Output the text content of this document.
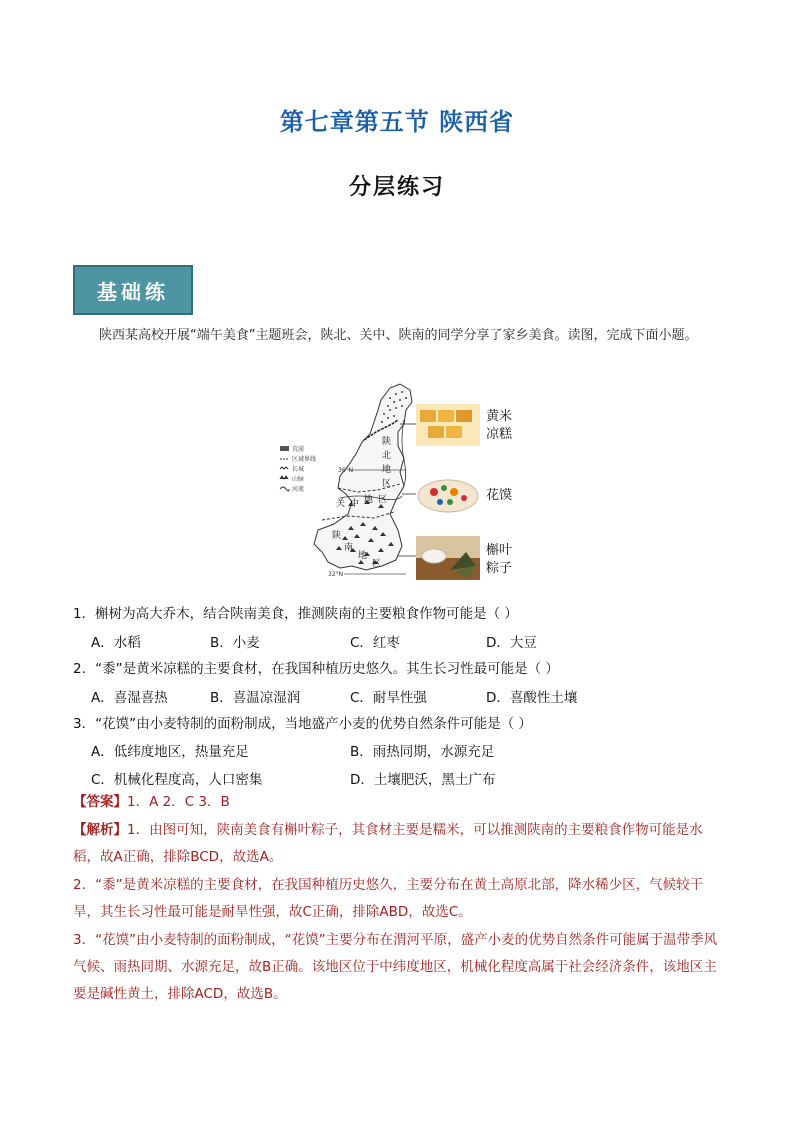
第七章第五节 陕西省
分层练习
基础练
陕西某高校开展“端午美食”主题班会，陕北、关中、陕南的同学分享了家乡美食。读图，完成下面小题。
荒漠
区域界线
长城
山脉
河流
36°N
32°N
陕
北
地
区
关 中 地 区
陕
南
地
区
黄米
凉糕
花馍
槲叶
粽子
1．槲树为高大乔木，结合陕南美食，推测陕南的主要粮食作物可能是（ ）
A．水稻	B．小麦	C．红枣	D．大豆
2．“黍”是黄米凉糕的主要食材，在我国种植历史悠久。其生长习性最可能是（ ）
A．喜湿喜热	B．喜温凉湿润	C．耐旱性强	D．喜酸性土壤
3．“花馍”由小麦特制的面粉制成，当地盛产小麦的优势自然条件可能是（ ）
A．低纬度地区，热量充足	B．雨热同期，水源充足
C．机械化程度高，人口密集	D．土壤肥沃，黑土广布
【答案】1．A 2．C 3．B
【解析】1．由图可知，陕南美食有槲叶粽子，其食材主要是糯米，可以推测陕南的主要粮食作物可能是水稻，故A正确，排除BCD，故选A。
2．“黍”是黄米凉糕的主要食材，在我国种植历史悠久，主要分布在黄土高原北部，降水稀少区，气候较干旱，其生长习性最可能是耐旱性强，故C正确，排除ABD，故选C。
3．“花馍”由小麦特制的面粉制成，“花馍”主要分布在渭河平原，盛产小麦的优势自然条件可能属于温带季风气候、雨热同期、水源充足，故B正确。该地区位于中纬度地区，机械化程度高属于社会经济条件，该地区主要是碱性黄土，排除ACD，故选B。
